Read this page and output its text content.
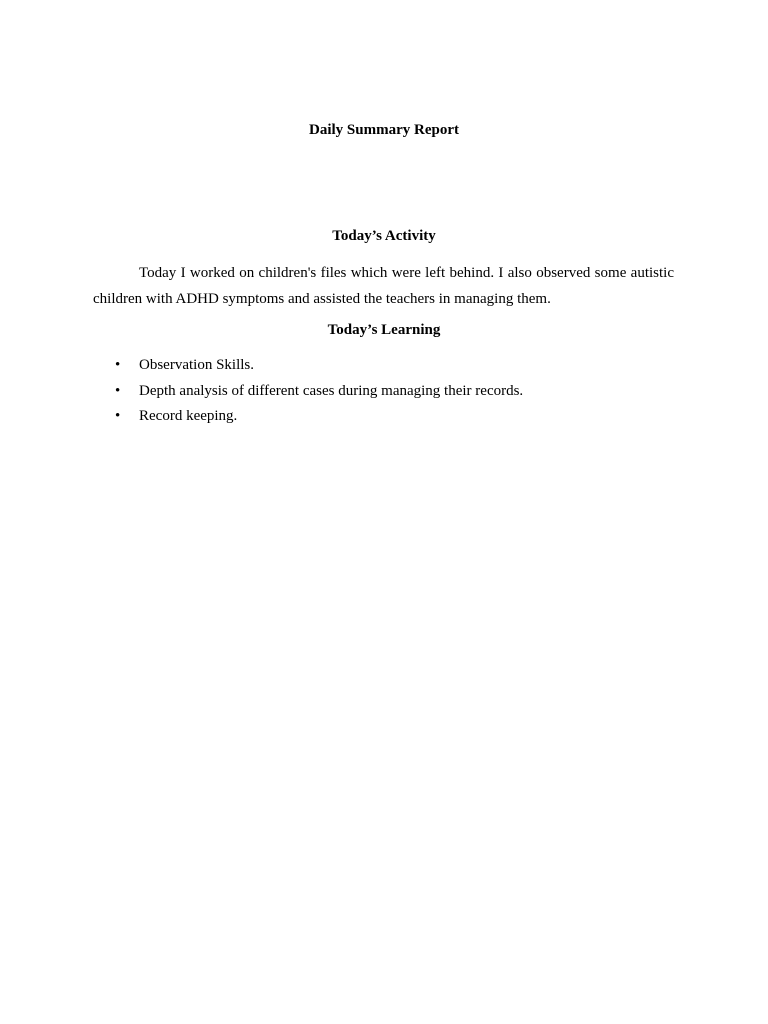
Daily Summary Report
Today’s Activity

Today I worked on children's files which were left behind. I also observed some autistic children with ADHD symptoms and assisted the teachers in managing them.

Today’s Learning
• Observation Skills.
• Depth analysis of different cases during managing their records.
• Record keeping.
